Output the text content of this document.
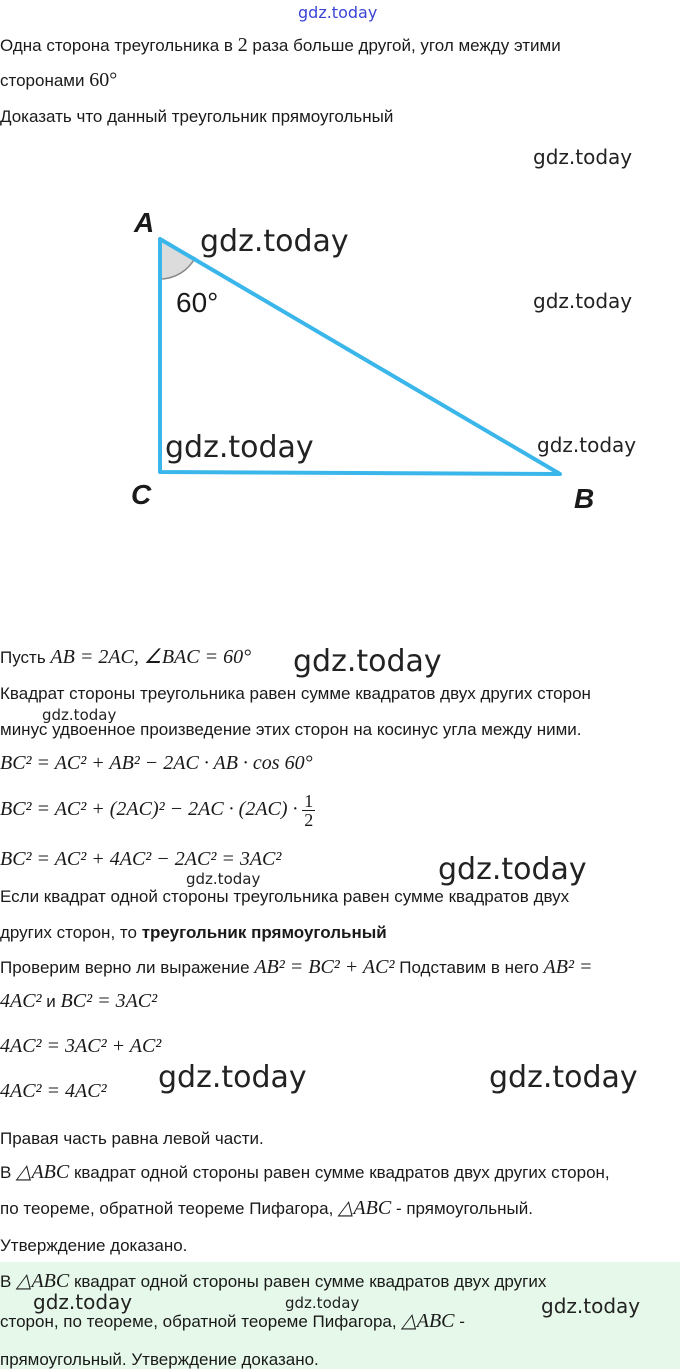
gdz.today
Одна сторона треугольника в 2 раза больше другой, угол между этими
сторонами 60°
Доказать что данный треугольник прямоугольный
A
C	B
60°
gdz.today
gdz.today
gdz.today
gdz.today
gdz.today
Пусть AB = 2AC, ∠BAC = 60° gdz.today
Квадрат стороны треугольника равен сумме квадратов двух других сторон
gdz.today
минус удвоенное произведение этих сторон на косинус угла между ними.
BC² = AC² + AB² − 2AC · AB · cos 60°
$BC^2 = AC^2 + (2AC)^2 - 2AC \cdot (2AC) \cdot \frac{1}{2}$
BC² = AC² + 4AC² − 2AC² = 3AC²	gdz.today
gdz.today
Если квадрат одной стороны треугольника равен сумме квадратов двух
других сторон, то треугольник прямоугольный
Проверим верно ли выражение AB² = BC² + AC² Подставим в него AB² =
4AC² и BC² = 3AC²
4AC² = 3AC² + AC²
4AC² = 4AC² gdz.today	gdz.today
Правая часть равна левой части.
В △ABC квадрат одной стороны равен сумме квадратов двух других сторон,
по теореме, обратной теореме Пифагора, △ABC - прямоугольный.
Утверждение доказано.
В △ABC квадрат одной стороны равен сумме квадратов двух других
gdz.today	gdz.today	gdz.today
сторон, по теореме, обратной теореме Пифагора, △ABC -
прямоугольный. Утверждение доказано.
